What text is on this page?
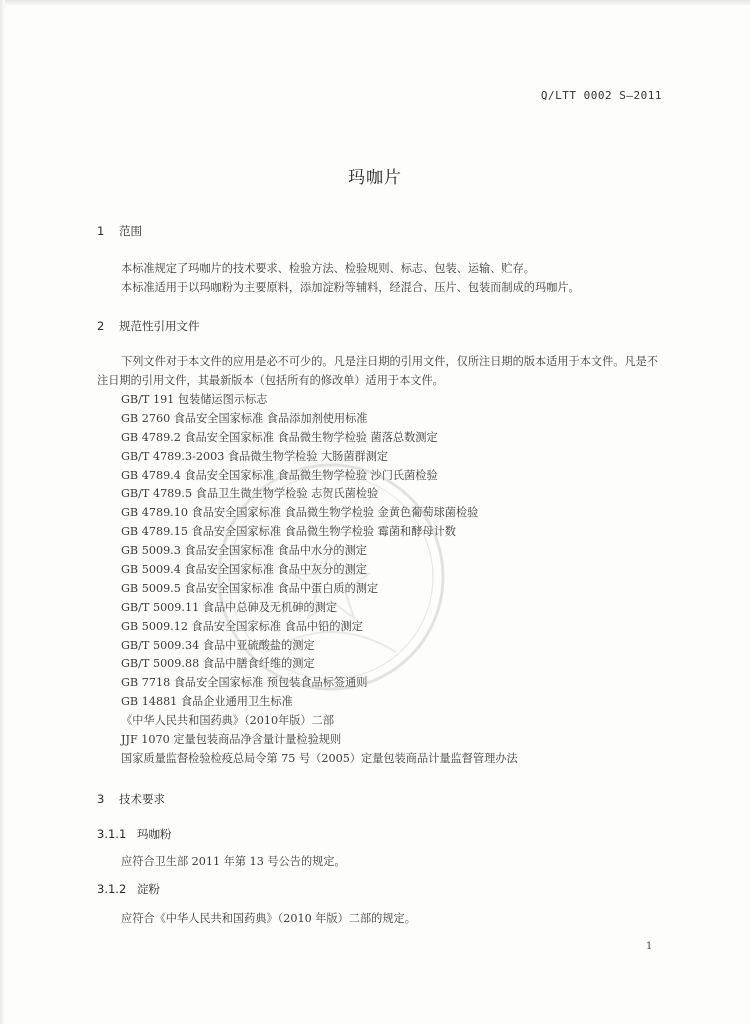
Q/LTT 0002 S—2011
玛咖片
1 范围
本标准规定了玛咖片的技术要求、检验方法、检验规则、标志、包装、运输、贮存。
本标准适用于以玛咖粉为主要原料，添加淀粉等辅料，经混合、压片、包装而制成的玛咖片。
2 规范性引用文件

下列文件对于本文件的应用是必不可少的。凡是注日期的引用文件，仅所注日期的版本适用于本文件。凡是不注日期的引用文件，其最新版本（包括所有的修改单）适用于本文件。

GB/T 191 包装储运图示标志
GB 2760 食品安全国家标准 食品添加剂使用标准
GB 4789.2 食品安全国家标准 食品微生物学检验 菌落总数测定
GB/T 4789.3-2003 食品微生物学检验 大肠菌群测定
GB 4789.4 食品安全国家标准 食品微生物学检验 沙门氏菌检验
GB/T 4789.5 食品卫生微生物学检验 志贺氏菌检验
GB 4789.10 食品安全国家标准 食品微生物学检验 金黄色葡萄球菌检验
GB 4789.15 食品安全国家标准 食品微生物学检验 霉菌和酵母计数
GB 5009.3 食品安全国家标准 食品中水分的测定
GB 5009.4 食品安全国家标准 食品中灰分的测定
GB 5009.5 食品安全国家标准 食品中蛋白质的测定
GB/T 5009.11 食品中总砷及无机砷的测定
GB 5009.12 食品安全国家标准 食品中铅的测定
GB/T 5009.34 食品中亚硫酸盐的测定
GB/T 5009.88 食品中膳食纤维的测定
GB 7718 食品安全国家标准 预包装食品标签通则
GB 14881 食品企业通用卫生标准
《中华人民共和国药典》（2010年版）二部
JJF 1070 定量包装商品净含量计量检验规则
国家质量监督检验检疫总局令第 75 号（2005）定量包装商品计量监督管理办法
3 技术要求
3.1.1 玛咖粉
应符合卫生部 2011 年第 13 号公告的规定。
3.1.2 淀粉
应符合《中华人民共和国药典》（2010 年版）二部的规定。
1
